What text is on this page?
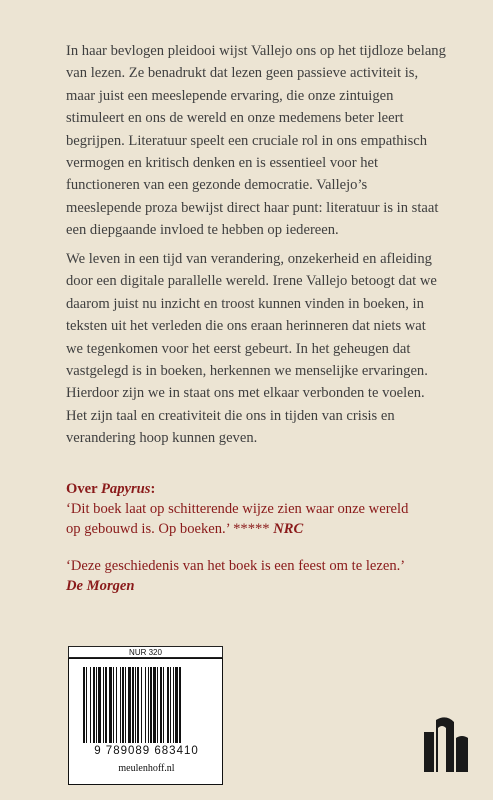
In haar bevlogen pleidooi wijst Vallejo ons op het tijdloze belang van lezen. Ze benadrukt dat lezen geen passieve activiteit is, maar juist een meeslepende ervaring, die onze zintuigen stimuleert en ons de wereld en onze medemens beter leert begrijpen. Literatuur speelt een cruciale rol in ons empathisch vermogen en kritisch denken en is essentieel voor het functioneren van een gezonde democratie. Vallejo’s meeslepende proza bewijst direct haar punt: literatuur is in staat een diepgaande invloed te hebben op iedereen.

We leven in een tijd van verandering, onzekerheid en afleiding door een digitale parallelle wereld. Irene Vallejo betoogt dat we daarom juist nu inzicht en troost kunnen vinden in boeken, in teksten uit het verleden die ons eraan herinneren dat niets wat we tegenkomen voor het eerst gebeurt. In het geheugen dat vastgelegd is in boeken, herkennen we menselijke ervaringen. Hierdoor zijn we in staat ons met elkaar verbonden te voelen. Het zijn taal en creativiteit die ons in tijden van crisis en verandering hoop kunnen geven.

Over Papyrus:
‘Dit boek laat op schitterende wijze zien waar onze wereld
op gebouwd is. Op boeken.’ ***** NRC
‘Deze geschiedenis van het boek is een feest om te lezen.’
De Morgen
NUR 320
9 789089 683410
meulenhoff.nl
